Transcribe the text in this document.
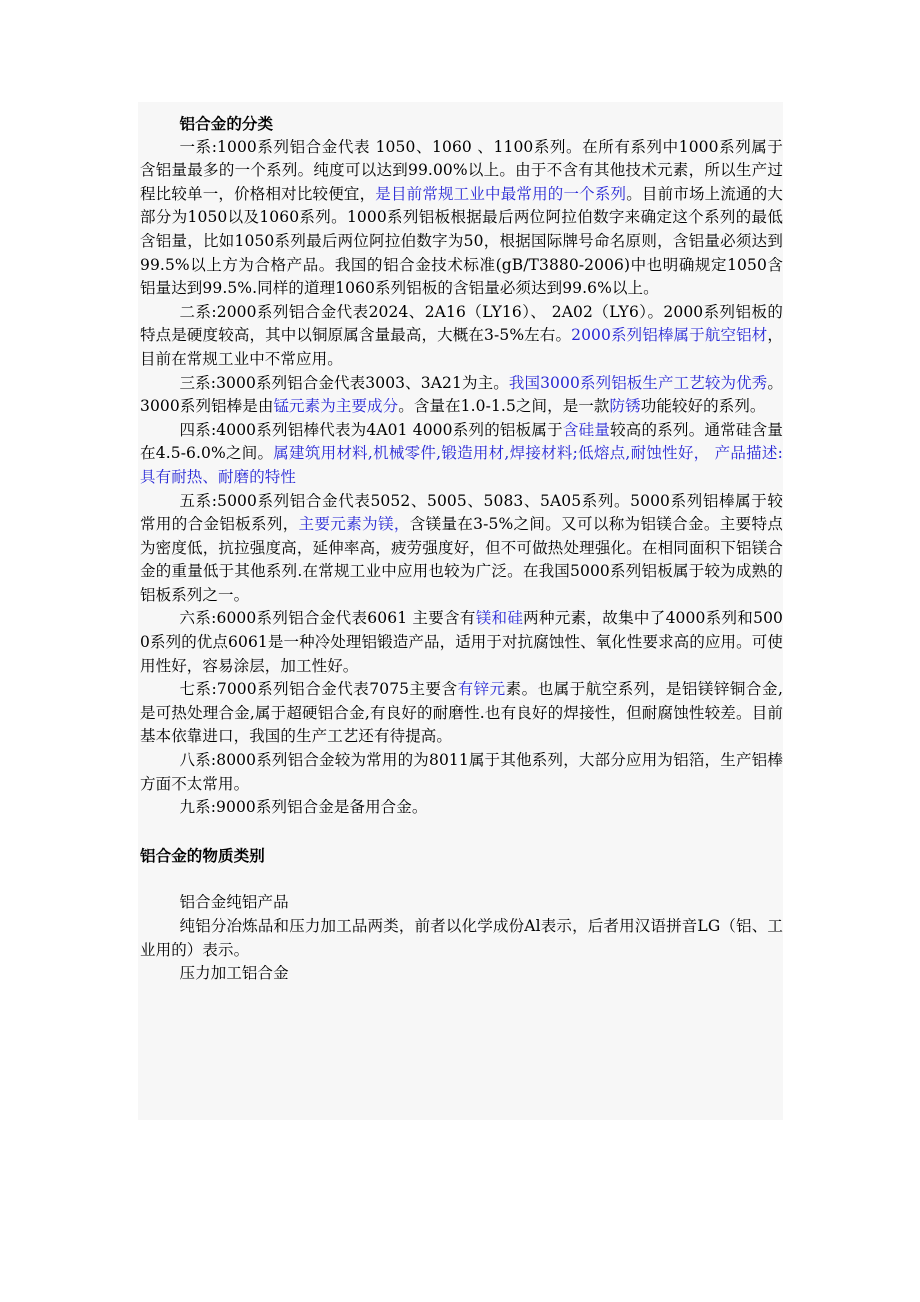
铝合金的分类

一系:1000系列铝合金代表 1050、1060 、1100系列。在所有系列中1000系列属于含铝量最多的一个系列。纯度可以达到99.00%以上。由于不含有其他技术元素，所以生产过程比较单一，价格相对比较便宜，是目前常规工业中最常用的一个系列。目前市场上流通的大部分为1050以及1060系列。1000系列铝板根据最后两位阿拉伯数字来确定这个系列的最低含铝量，比如1050系列最后两位阿拉伯数字为50，根据国际牌号命名原则，含铝量必须达到99.5%以上方为合格产品。我国的铝合金技术标准(gB/T3880-2006)中也明确规定1050含铝量达到99.5%.同样的道理1060系列铝板的含铝量必须达到99.6%以上。

二系:2000系列铝合金代表2024、2A16（LY16）、 2A02（LY6）。2000系列铝板的特点是硬度较高，其中以铜原属含量最高，大概在3-5%左右。2000系列铝棒属于航空铝材，目前在常规工业中不常应用。

三系:3000系列铝合金代表3003、3A21为主。我国3000系列铝板生产工艺较为优秀。3000系列铝棒是由锰元素为主要成分。含量在1.0-1.5之间，是一款防锈功能较好的系列。

四系:4000系列铝棒代表为4A01 4000系列的铝板属于含硅量较高的系列。通常硅含量在4.5-6.0%之间。属建筑用材料,机械零件,锻造用材,焊接材料;低熔点,耐蚀性好， 产品描述: 具有耐热、耐磨的特性

五系:5000系列铝合金代表5052、5005、5083、5A05系列。5000系列铝棒属于较常用的合金铝板系列，主要元素为镁，含镁量在3-5%之间。又可以称为铝镁合金。主要特点为密度低，抗拉强度高，延伸率高，疲劳强度好，但不可做热处理强化。在相同面积下铝镁合金的重量低于其他系列.在常规工业中应用也较为广泛。在我国5000系列铝板属于较为成熟的铝板系列之一。

六系:6000系列铝合金代表6061 主要含有镁和硅两种元素，故集中了4000系列和5000系列的优点6061是一种冷处理铝锻造产品，适用于对抗腐蚀性、氧化性要求高的应用。可使用性好，容易涂层，加工性好。

七系:7000系列铝合金代表7075主要含有锌元素。也属于航空系列，是铝镁锌铜合金,是可热处理合金,属于超硬铝合金,有良好的耐磨性.也有良好的焊接性，但耐腐蚀性较差。目前基本依靠进口，我国的生产工艺还有待提高。

八系:8000系列铝合金较为常用的为8011属于其他系列，大部分应用为铝箔，生产铝棒方面不太常用。

九系:9000系列铝合金是备用合金。

铝合金的物质类别

铝合金纯铝产品

纯铝分冶炼品和压力加工品两类，前者以化学成份Al表示，后者用汉语拼音LG（铝、工业用的）表示。

压力加工铝合金
